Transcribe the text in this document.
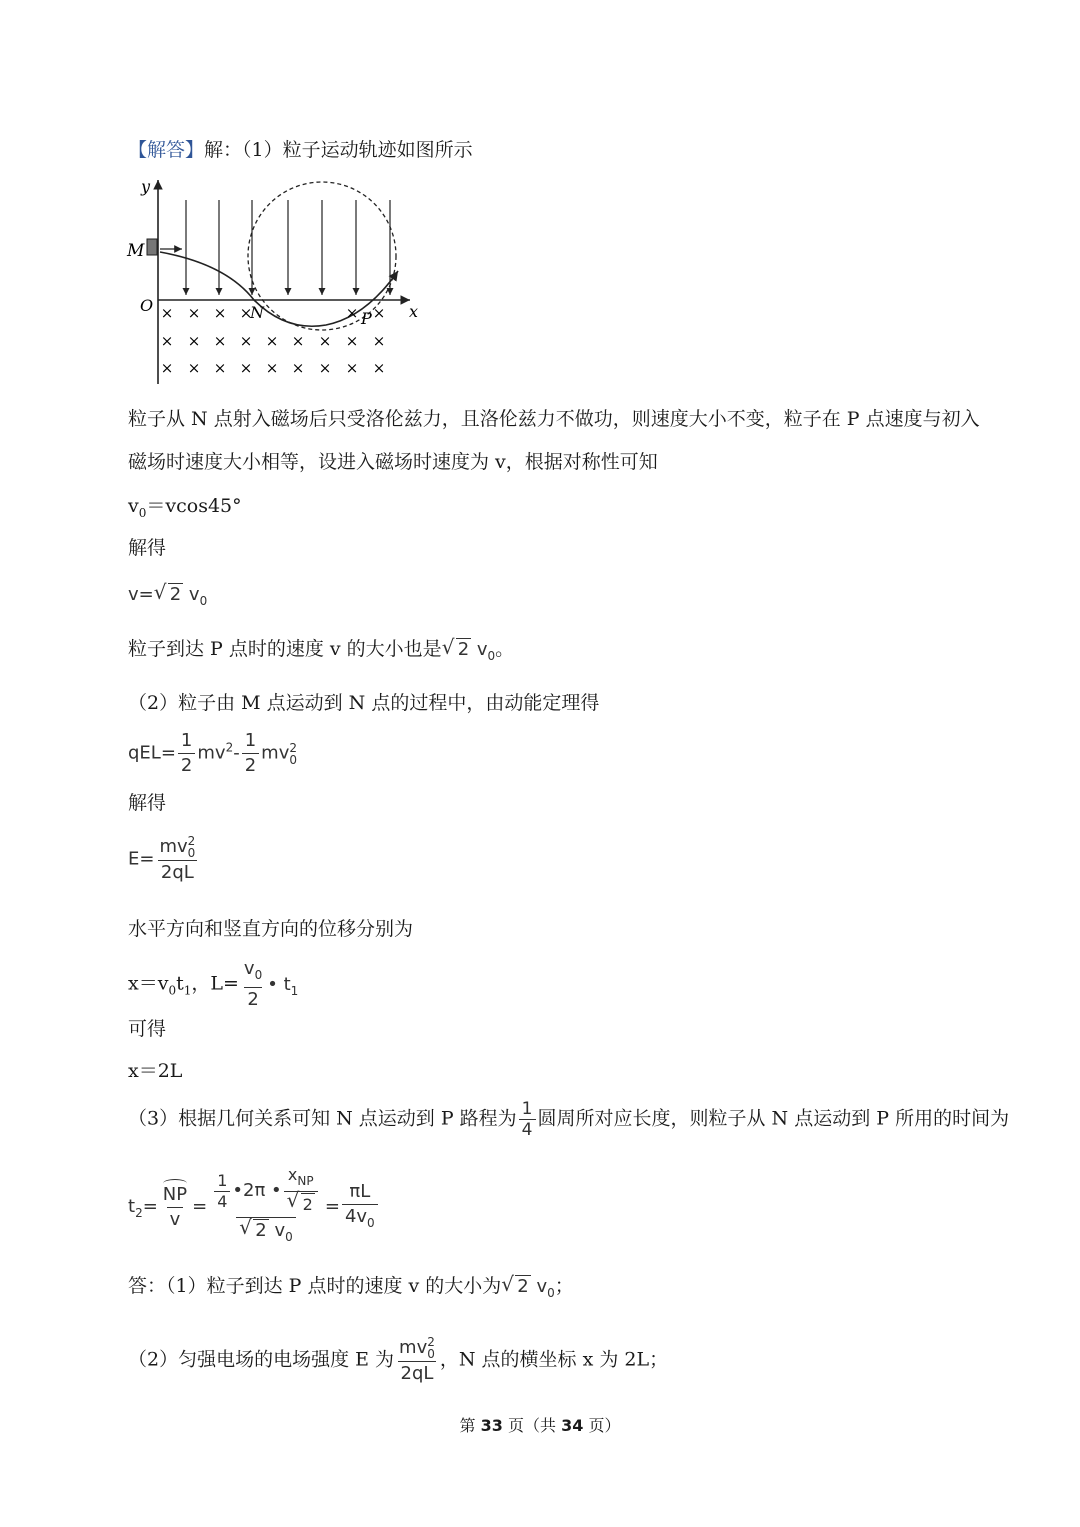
【解答】解：（1）粒子运动轨迹如图所示
y
x
O
M
N	P
× × × ×	× ×
× × × × × × × × ×
× × × × × × × × ×
粒子从 N 点射入磁场后只受洛伦兹力，且洛伦兹力不做功，则速度大小不变，粒子在 P 点速度与初入
磁场时速度大小相等，设进入磁场时速度为 v，根据对称性可知
$v_0=vcos45^\circ$
解得
v= √ 2 $v_0$
粒子到达 P 点时的速度 v 的大小也是 √ 2 $v_0$。
（2）粒子由 M 点运动到 N 点的过程中，由动能定理得
$qEL= \frac{1}{2} mv^2- \frac{1}{2}$ mv 2
0
解得
E= mv 2
0
2qL
水平方向和竖直方向的位移分别为
$x=v_0t_1$，$L= \frac{v_0}{2}$ • $t_1$
可得
x＝2L
（3）根据几何关系可知 N 点运动到 P 路程为 $\frac{1}{4}$ 圆周所对应长度，则粒子从 N 点运动到 P 所用的时间为
$t_2= \frac{NP}{v} = \frac{1}{4}$ •2π • $x_{NP}$
√ 2
√ 2 $v_0 = \frac{\pi L}{4v_0}$
答：（1）粒子到达 P 点时的速度 v 的大小为 √ 2 $v_0$；
（2）匀强电场的电场强度 E 为 mv 2
0
2qL ，N 点的横坐标 x 为 2L；
第 33 页（共 34 页）
